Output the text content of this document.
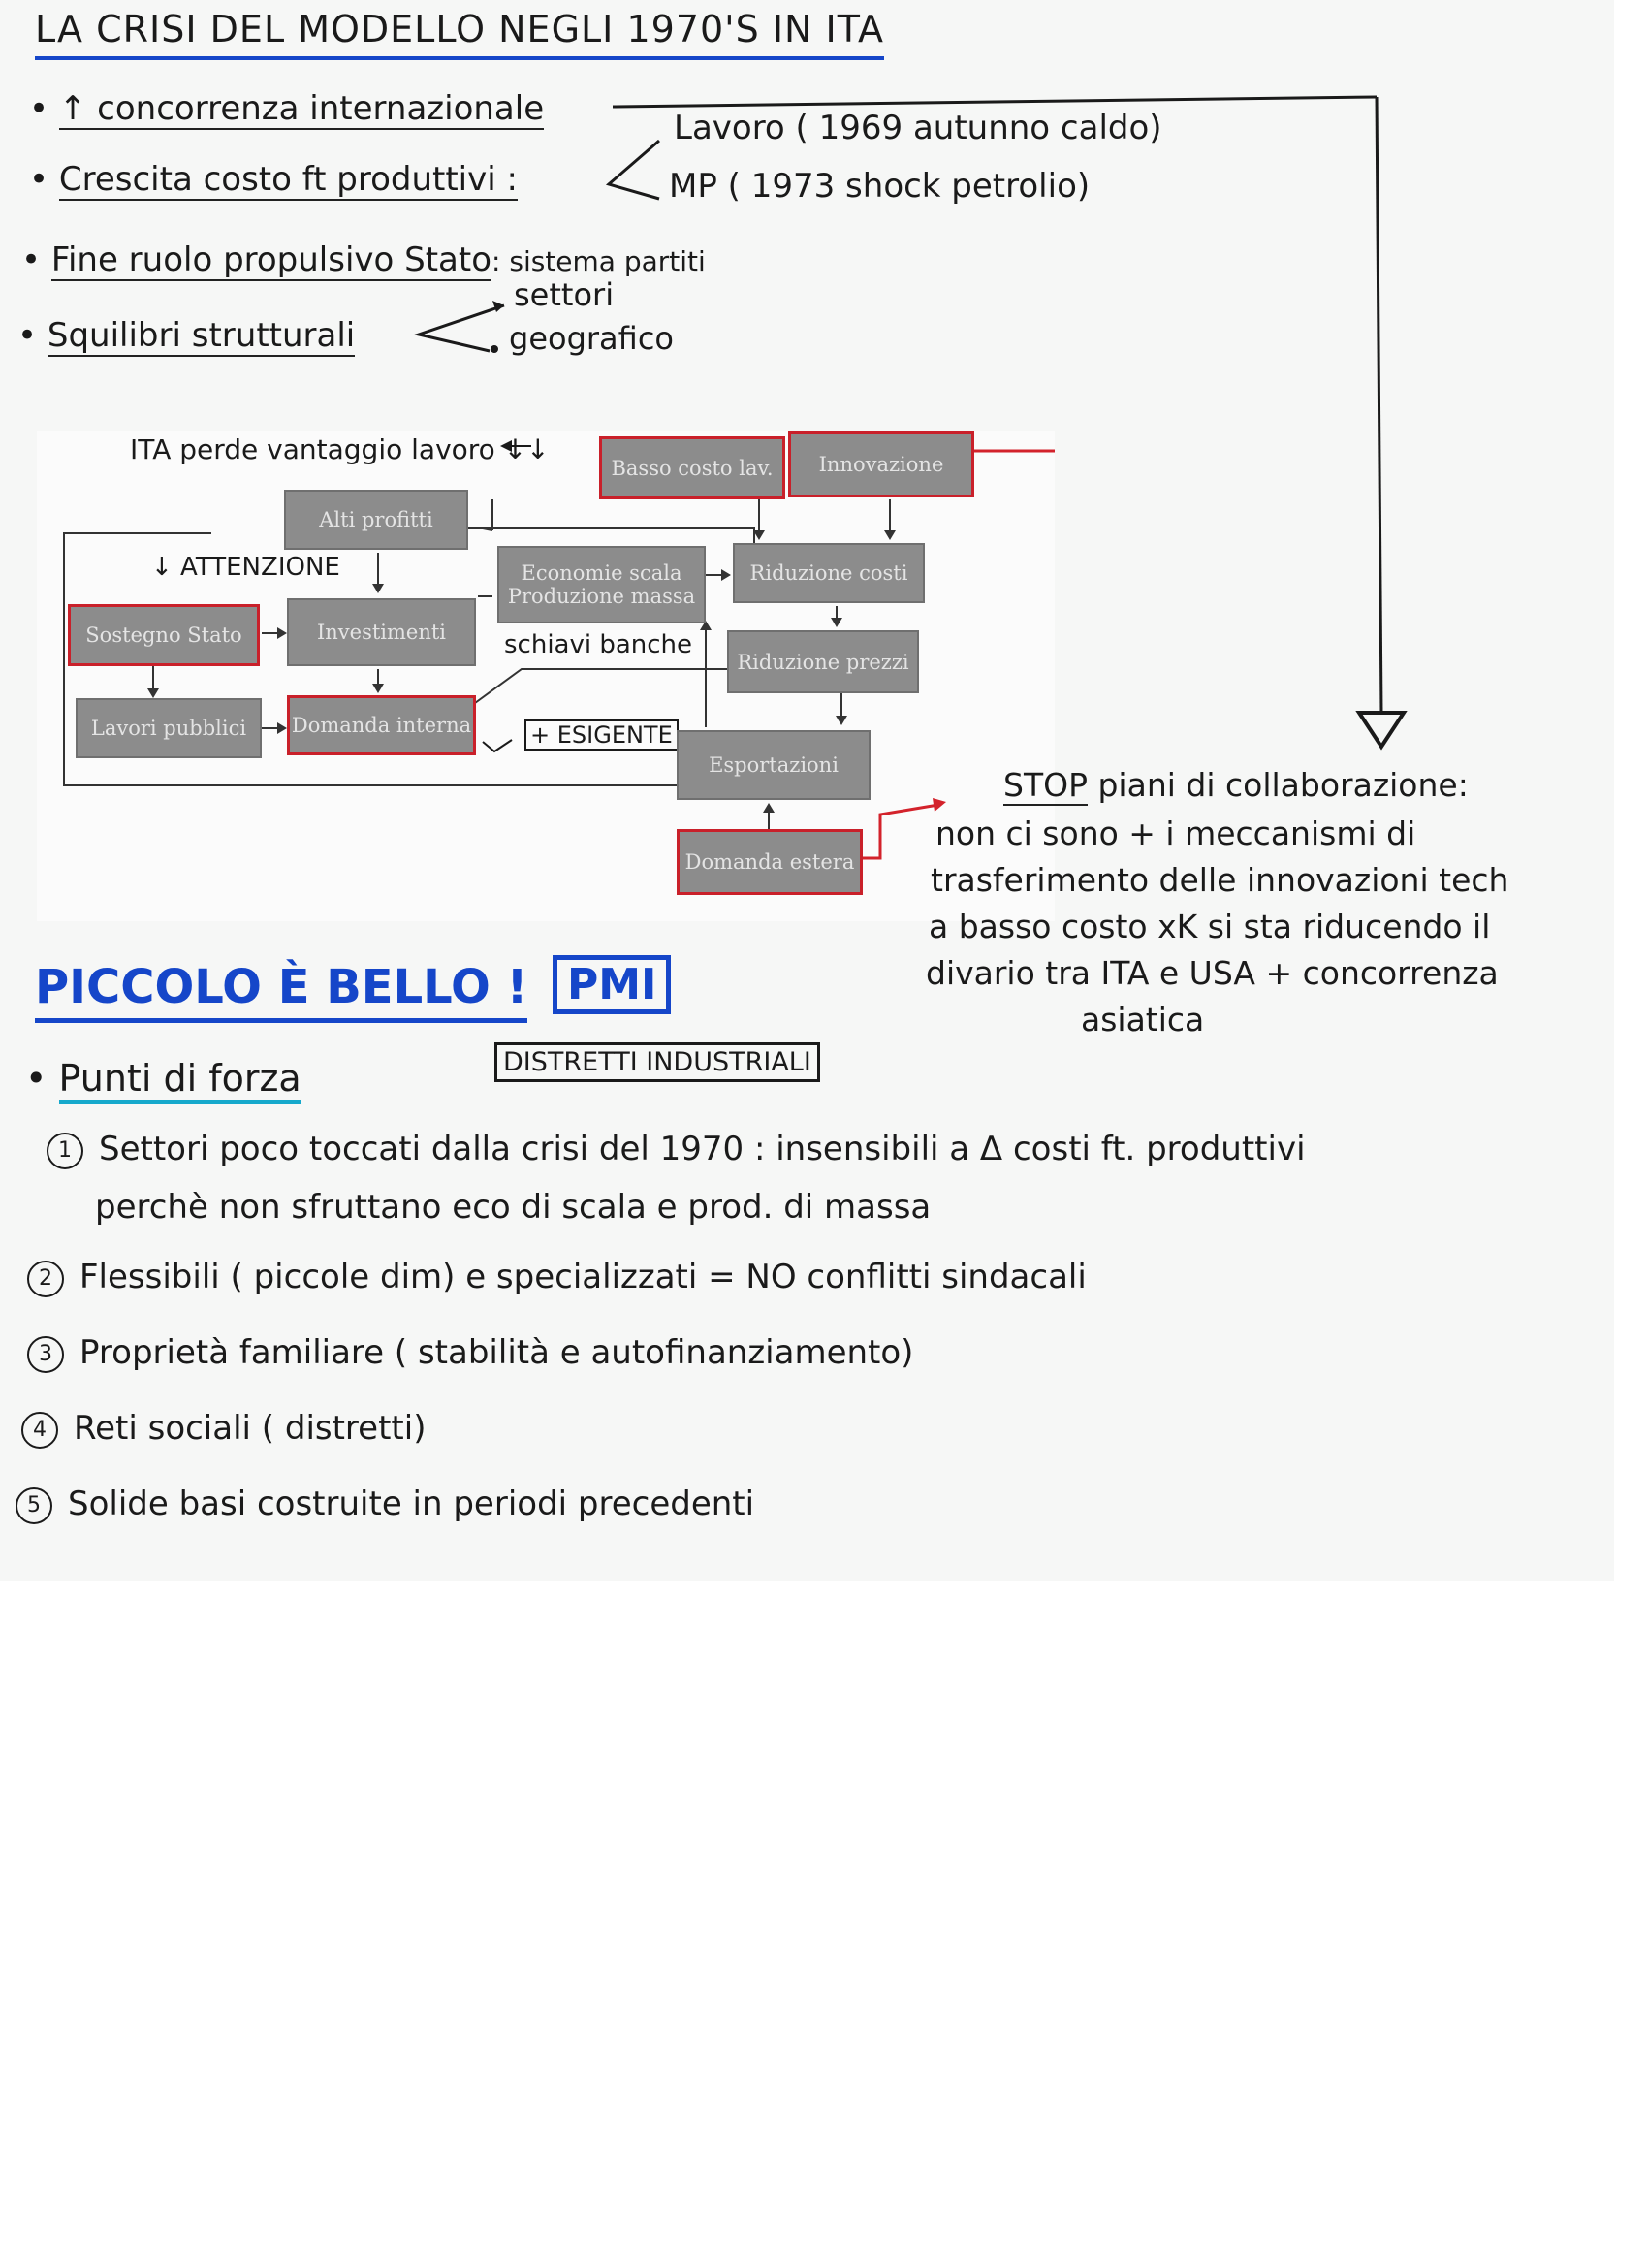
LA CRISI DEL MODELLO NEGLI 1970'S IN ITA
• ↑ concorrenza internazionale
• Crescita costo ft produttivi :
Lavoro ( 1969 autunno caldo)
MP ( 1973 shock petrolio)
• Fine ruolo propulsivo Stato: sistema partiti
• Squilibri strutturali
settori
geografico
ITA perde vantaggio lavoro ↓↓
↓ ATTENZIONE
schiavi banche
+ ESIGENTE
Basso costo lav.	Innovazione
Alti profitti
Economie scala Produzione massa
Riduzione costi
Sostegno Stato	Investimenti
Riduzione prezzi
Lavori pubblici	Domanda interna
Esportazioni
Domanda estera
STOP piani di collaborazione:
non ci sono + i meccanismi di
trasferimento delle innovazioni tech
a basso costo xK si sta riducendo il
divario tra ITA e USA + concorrenza
asiatica
PICCOLO È BELLO ! PMI
DISTRETTI INDUSTRIALI
• Punti di forza
1 Settori poco toccati dalla crisi del 1970 : insensibili a Δ costi ft. produttivi
perchè non sfruttano eco di scala e prod. di massa
2 Flessibili ( piccole dim) e specializzati = NO conflitti sindacali
3 Proprietà familiare ( stabilità e autofinanziamento)
4 Reti sociali ( distretti)
5 Solide basi costruite in periodi precedenti
